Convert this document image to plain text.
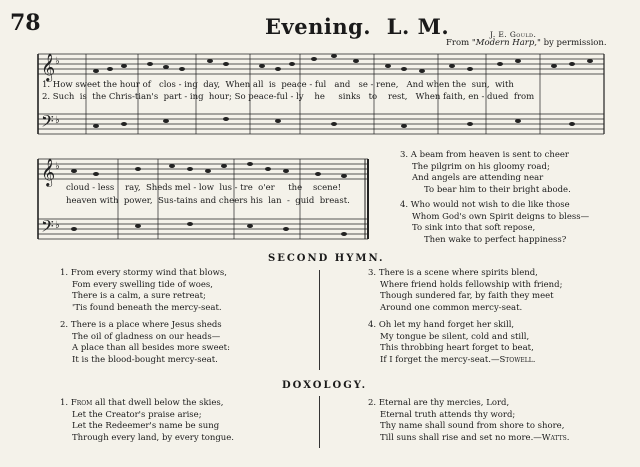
78	Evening. L. M.	J. E. Gould.
From "Modern Harp," by permission.
𝄞
𝄢
♭
♭
1. How sweet the hour of   clos - ing  day,  When all  is  peace - ful   and   se - rene,   And when the  sun,  with
2. Such  is  the Chris-tian's  part - ing  hour; So peace-ful - ly    he     sinks   to    rest,   When faith, en - dued  from
𝄞
𝄢
♭
♭
cloud - less    ray,  Sheds mel - low  lus - tre  o'er     the    scene!
heaven with  power,  Sus-tains and cheers his  lan  -  guid  breast.

3. A beam from heaven is sent to cheer

The pilgrim on his gloomy road;

And angels are attending near

To bear him to their bright abode.

4. Who would not wish to die like those

Whom God's own Spirit deigns to bless—

To sink into that soft repose,

Then wake to perfect happiness?

SECOND HYMN.

1. From every stormy wind that blows,

Fom every swelling tide of woes,

There is a calm, a sure retreat;

'Tis found beneath the mercy-seat.

2. There is a place where Jesus sheds

The oil of gladness on our heads—

A place than all besides more sweet:

It is the blood-bought mercy-seat.

3. There is a scene where spirits blend,

Where friend holds fellowship with friend;

Though sundered far, by faith they meet

Around one common mercy-seat.

4. Oh let my hand forget her skill,

My tongue be silent, cold and still,

This throbbing heart forget to beat,

If I forget the mercy-seat.—Stowell.

DOXOLOGY.

1. From all that dwell below the skies,

Let the Creator's praise arise;

Let the Redeemer's name be sung

Through every land, by every tongue.

2. Eternal are thy mercies, Lord,

Eternal truth attends thy word;

Thy name shall sound from shore to shore,

Till suns shall rise and set no more.—Watts.
